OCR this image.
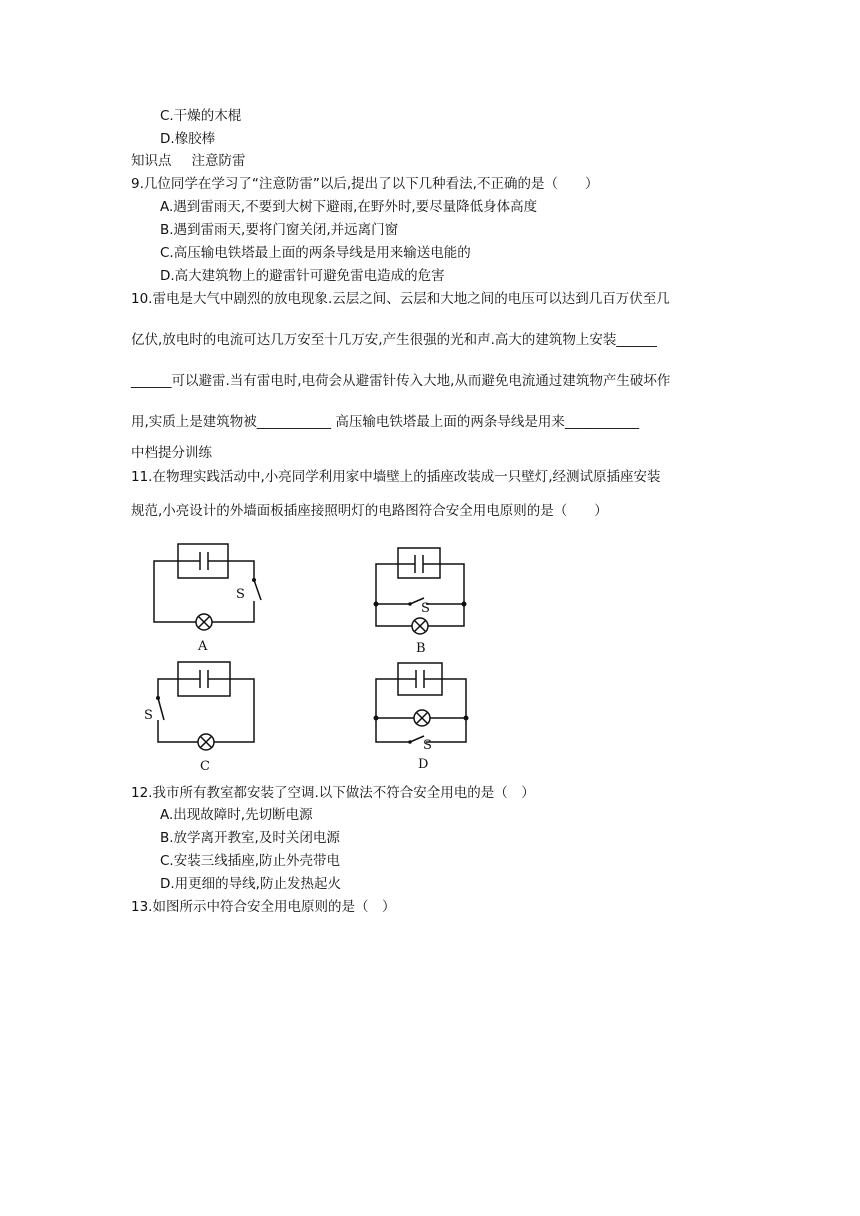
C.干燥的木棍
D.橡胶棒
知识点 注意防雷
9.几位同学在学习了“注意防雷”以后,提出了以下几种看法,不正确的是（　　）
A.遇到雷雨天,不要到大树下避雨,在野外时,要尽量降低身体高度
B.遇到雷雨天,要将门窗关闭,并远离门窗
C.高压输电铁塔最上面的两条导线是用来输送电能的
D.高大建筑物上的避雷针可避免雷电造成的危害
10.雷电是大气中剧烈的放电现象.云层之间、云层和大地之间的电压可以达到几百万伏至几
亿伏,放电时的电流可达几万安至十几万安,产生很强的光和声.高大的建筑物上安装______
______可以避雷.当有雷电时,电荷会从避雷针传入大地,从而避免电流通过建筑物产生破坏作
用,实质上是建筑物被___________ 高压输电铁塔最上面的两条导线是用来___________
中档提分训练
11.在物理实践活动中,小亮同学利用家中墙壁上的插座改装成一只壁灯,经测试原插座安装
规范,小亮设计的外墙面板插座接照明灯的电路图符合安全用电原则的是（　　）
S
A
S
B
S
C
S
D
12.我市所有教室都安装了空调.以下做法不符合安全用电的是（　）
A.出现故障时,先切断电源
B.放学离开教室,及时关闭电源
C.安装三线插座,防止外壳带电
D.用更细的导线,防止发热起火
13.如图所示中符合安全用电原则的是（　）
